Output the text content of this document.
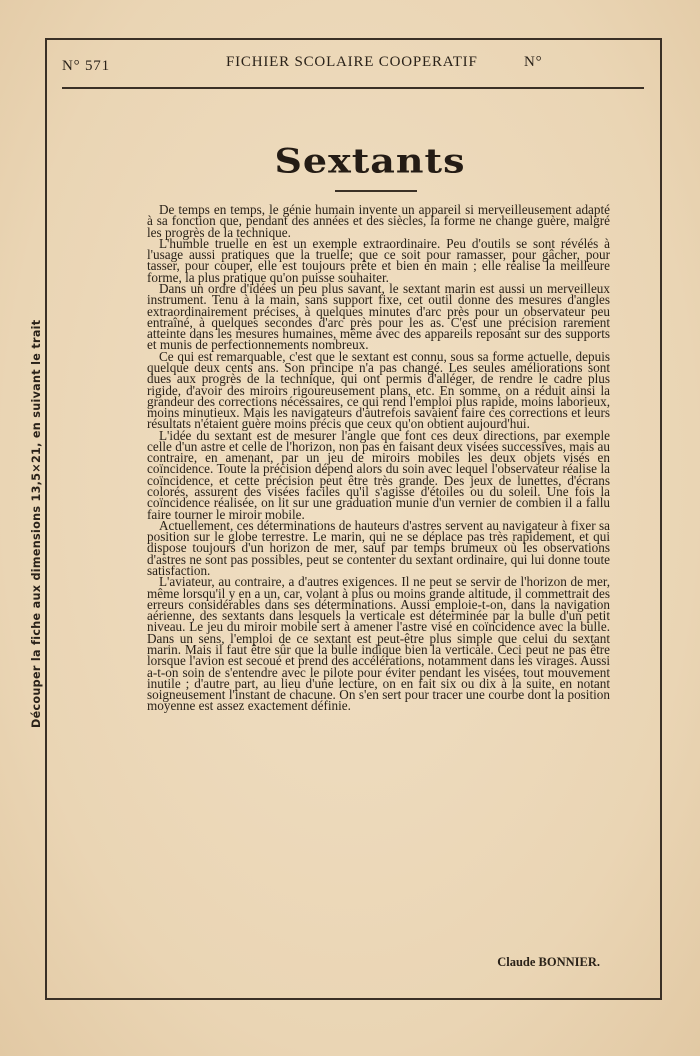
Découper la fiche aux dimensions 13,5×21, en suivant le trait
N° 571	FICHIER SCOLAIRE COOPERATIF	N°
Sextants

De temps en temps, le génie humain invente un appareil si merveilleusement adapté à sa fonction que, pendant des années et des siècles, la forme ne change guère, malgré les progrès de la technique.

L'humble truelle en est un exemple extraordinaire. Peu d'outils se sont révélés à l'usage aussi pratiques que la truelle; que ce soit pour ramasser, pour gâcher, pour tasser, pour couper, elle est toujours prête et bien en main ; elle réalise la meilleure forme, la plus pratique qu'on puisse souhaiter.

Dans un ordre d'idées un peu plus savant, le sextant marin est aussi un merveilleux instrument. Tenu à la main, sans support fixe, cet outil donne des mesures d'angles extraordinairement précises, à quelques minutes d'arc près pour un observateur peu entraîné, à quelques secondes d'arc près pour les as. C'est une précision rarement atteinte dans les mesures humaines, même avec des appareils reposant sur des supports et munis de perfectionnements nombreux.

Ce qui est remarquable, c'est que le sextant est connu, sous sa forme actuelle, depuis quelque deux cents ans. Son principe n'a pas changé. Les seules améliorations sont dues aux progrès de la technique, qui ont permis d'alléger, de rendre le cadre plus rigide, d'avoir des miroirs rigoureusement plans, etc. En somme, on a réduit ainsi la grandeur des corrections nécessaires, ce qui rend l'emploi plus rapide, moins laborieux, moins minutieux. Mais les navigateurs d'autrefois savaient faire ces corrections et leurs résultats n'étaient guère moins précis que ceux qu'on obtient aujourd'hui.

L'idée du sextant est de mesurer l'angle que font ces deux directions, par exemple celle d'un astre et celle de l'horizon, non pas en faisant deux visées successives, mais au contraire, en amenant, par un jeu de miroirs mobiles les deux objets visés en coïncidence. Toute la précision dépend alors du soin avec lequel l'observateur réalise la coïncidence, et cette précision peut être très grande. Des jeux de lunettes, d'écrans colorés, assurent des visées faciles qu'il s'agisse d'étoiles ou du soleil. Une fois la coïncidence réalisée, on lit sur une graduation munie d'un vernier de combien il a fallu faire tourner le miroir mobile.

Actuellement, ces déterminations de hauteurs d'astres servent au navigateur à fixer sa position sur le globe terrestre. Le marin, qui ne se déplace pas très rapidement, et qui dispose toujours d'un horizon de mer, sauf par temps brumeux où les observations d'astres ne sont pas possibles, peut se contenter du sextant ordinaire, qui lui donne toute satisfaction.

L'aviateur, au contraire, a d'autres exigences. Il ne peut se servir de l'horizon de mer, même lorsqu'il y en a un, car, volant à plus ou moins grande altitude, il commettrait des erreurs considérables dans ses déterminations. Aussi emploie-t-on, dans la navigation aérienne, des sextants dans lesquels la verticale est déterminée par la bulle d'un petit niveau. Le jeu du miroir mobile sert à amener l'astre visé en coïncidence avec la bulle. Dans un sens, l'emploi de ce sextant est peut-être plus simple que celui du sextant marin. Mais il faut être sûr que la bulle indique bien la verticale. Ceci peut ne pas être lorsque l'avion est secoué et prend des accélérations, notamment dans les virages. Aussi a-t-on soin de s'entendre avec le pilote pour éviter pendant les visées, tout mouvement inutile ; d'autre part, au lieu d'une lecture, on en fait six ou dix à la suite, en notant soigneusement l'instant de chacune. On s'en sert pour tracer une courbe dont la position moyenne est assez exactement définie.

Claude BONNIER.
